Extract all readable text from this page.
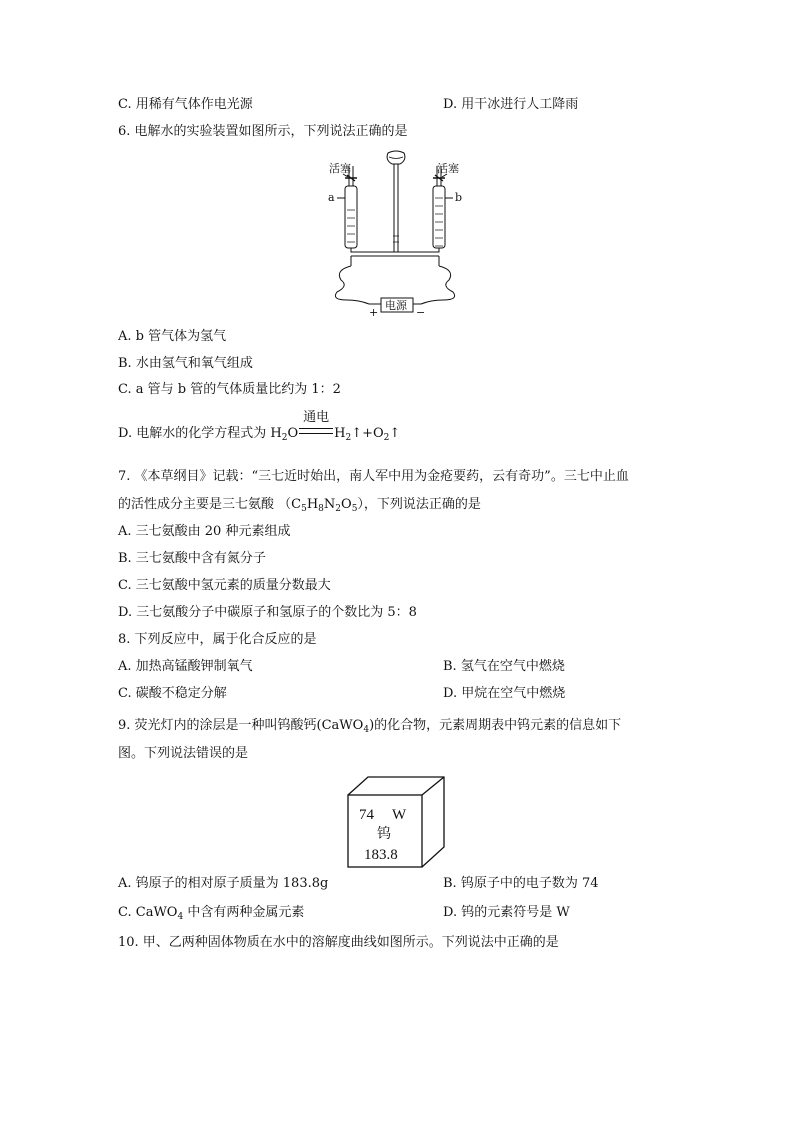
C. 用稀有气体作电光源	D. 用干冰进行人工降雨
6. 电解水的实验装置如图所示，下列说法正确的是
活塞	活塞
a	b
电源
+	−
A. b 管气体为氢气
B. 水由氢气和氧气组成
C. a 管与 b 管的气体质量比约为 1：2
D. 电解水的化学方程式为 $H_2O$
通电
$H_2↑+O_2↑$
7. 《本草纲目》记载：“三七近时始出，南人军中用为金疮要药，云有奇功”。三七中止血
的活性成分主要是三七氨酸 $(C_5H_8N_2O_5)$，下列说法正确的是
A. 三七氨酸由 20 种元素组成
B. 三七氨酸中含有氮分子
C. 三七氨酸中氢元素的质量分数最大
D. 三七氨酸分子中碳原子和氢原子的个数比为 5：8
8. 下列反应中，属于化合反应的是
A. 加热高锰酸钾制氧气	B. 氢气在空气中燃烧
C. 碳酸不稳定分解	D. 甲烷在空气中燃烧
9. 荧光灯内的涂层是一种叫钨酸钙(CaWO$_4$)的化合物，元素周期表中钨元素的信息如下
图。下列说法错误的是
74 W
钨
183.8
A. 钨原子的相对原子质量为 183.8g	B. 钨原子中的电子数为 74
C. CaWO$_4$ 中含有两种金属元素	D. 钨的元素符号是 W
10. 甲、乙两种固体物质在水中的溶解度曲线如图所示。下列说法中正确的是
